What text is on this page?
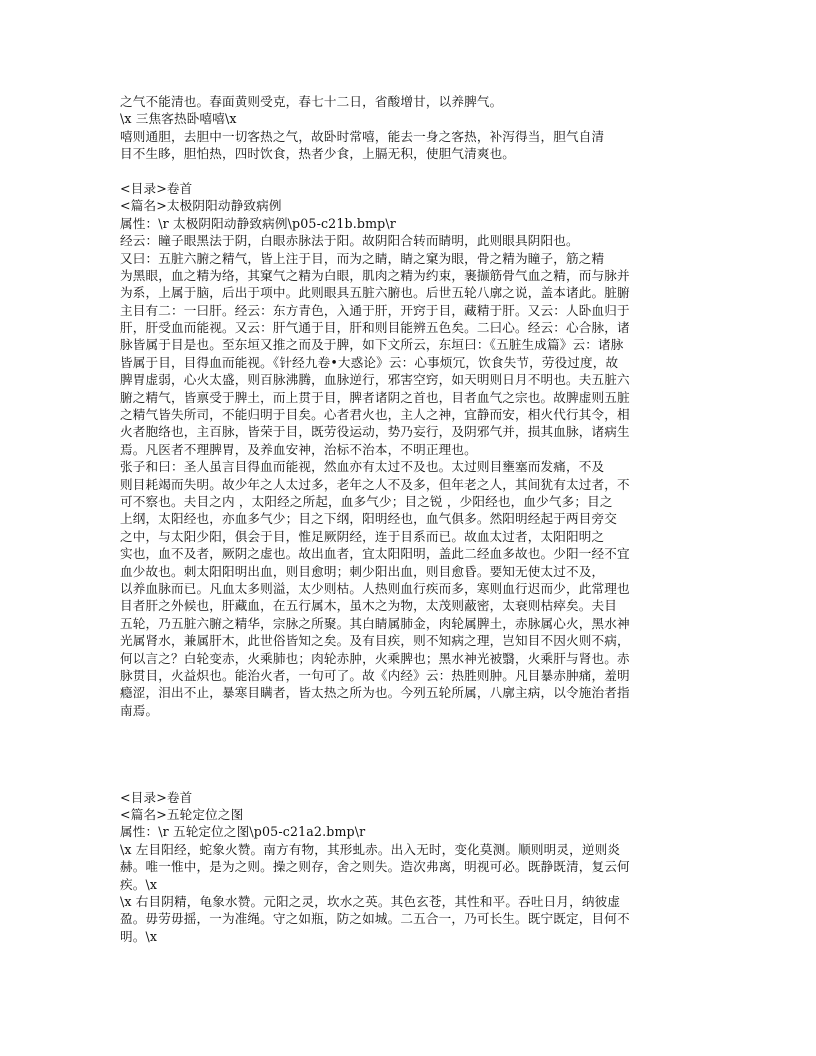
之气不能清也。春面黄则受克，春七十二日，省酸增甘，以养脾气。
\x 三焦客热卧嘻嘻\x
嘻则通胆，去胆中一切客热之气，故卧时常嘻，能去一身之客热，补泻得当，胆气自清
目不生眵，胆怕热，四时饮食，热者少食，上膈无积，使胆气清爽也。
<目录>卷首
<篇名>太极阴阳动静致病例
属性：\r 太极阴阳动静致病例\p05-c21b.bmp\r
经云：瞳子眼黑法于阴，白眼赤脉法于阳。故阴阳合转而睛明，此则眼具阴阳也。
又曰：五脏六腑之精气，皆上注于目，而为之睛，睛之窠为眼，骨之精为瞳子，筋之精
为黑眼，血之精为络，其窠气之精为白眼，肌肉之精为约束，裹撷筋骨气血之精，而与脉并
为系，上属于脑，后出于项中。此则眼具五脏六腑也。后世五轮八廓之说，盖本诸此。脏腑
主目有二：一曰肝。经云：东方青色，入通于肝，开窍于目，藏精于肝。又云：人卧血归于
肝，肝受血而能视。又云：肝气通于目，肝和则目能辨五色矣。二曰心。经云：心合脉，诸
脉皆属于目是也。至东垣又推之而及于脾，如下文所云，东垣曰：《五脏生成篇》云：诸脉
皆属于目，目得血而能视。《针经九卷•大惑论》云：心事烦冗，饮食失节，劳役过度，故
脾胃虚弱，心火太盛，则百脉沸腾，血脉逆行，邪害空窍，如天明则日月不明也。夫五脏六
腑之精气，皆禀受于脾土，而上贯于目，脾者诸阴之首也，目者血气之宗也。故脾虚则五脏
之精气皆失所司，不能归明于目矣。心者君火也，主人之神，宜静而安，相火代行其令，相
火者胞络也，主百脉，皆荣于目，既劳役运动，势乃妄行，及阴邪气并，损其血脉，诸病生
焉。凡医者不理脾胃，及养血安神，治标不治本，不明正理也。
张子和曰：圣人虽言目得血而能视，然血亦有太过不及也。太过则目壅塞而发痛，不及
则目耗竭而失明。故少年之人太过多，老年之人不及多，但年老之人，其间犹有太过者，不
可不察也。夫目之内 ，太阳经之所起，血多气少；目之锐 ，少阳经也，血少气多；目之
上纲，太阳经也，亦血多气少；目之下纲，阳明经也，血气俱多。然阳明经起于两目旁交
之中，与太阳少阳，俱会于目，惟足厥阴经，连于目系而已。故血太过者，太阳阳明之
实也，血不及者，厥阴之虚也。故出血者，宜太阳阳明，盖此二经血多故也。少阳一经不宜
血少故也。刺太阳阳明出血，则目愈明；刺少阳出血，则目愈昏。要知无使太过不及，
以养血脉而已。凡血太多则溢，太少则枯。人热则血行疾而多，寒则血行迟而少，此常理也
目者肝之外候也，肝藏血，在五行属木，虽木之为物，太茂则蔽密，太衰则枯瘁矣。夫目
五轮，乃五脏六腑之精华，宗脉之所聚。其白睛属肺金，肉轮属脾土，赤脉属心火，黑水神
光属肾水，兼属肝木，此世俗皆知之矣。及有目疾，则不知病之理，岂知目不因火则不病，
何以言之？白轮变赤，火乘肺也；肉轮赤肿，火乘脾也；黑水神光被翳，火乘肝与肾也。赤
脉贯目，火益炽也。能治火者，一句可了。故《内经》云：热胜则肿。凡目暴赤肿痛，羞明
瘾涩，泪出不止，暴寒目瞒者，皆太热之所为也。今列五轮所属，八廓主病，以令施治者指
南焉。
<目录>卷首
<篇名>五轮定位之图
属性：\r 五轮定位之图\p05-c21a2.bmp\r
\x 左目阳经，蛇象火赞。南方有物，其形虬赤。出入无时，变化莫测。顺则明灵，逆则炎
赫。唯一惟中，是为之则。操之则存，舍之则失。造次弗离，明视可必。既静既清，复云何
疾。\x
\x 右目阴精，龟象水赞。元阳之灵，坎水之英。其色玄苍，其性和平。吞吐日月，纳彼虚
盈。毋劳毋摇，一为准绳。守之如瓶，防之如城。二五合一，乃可长生。既宁既定，目何不
明。\x
